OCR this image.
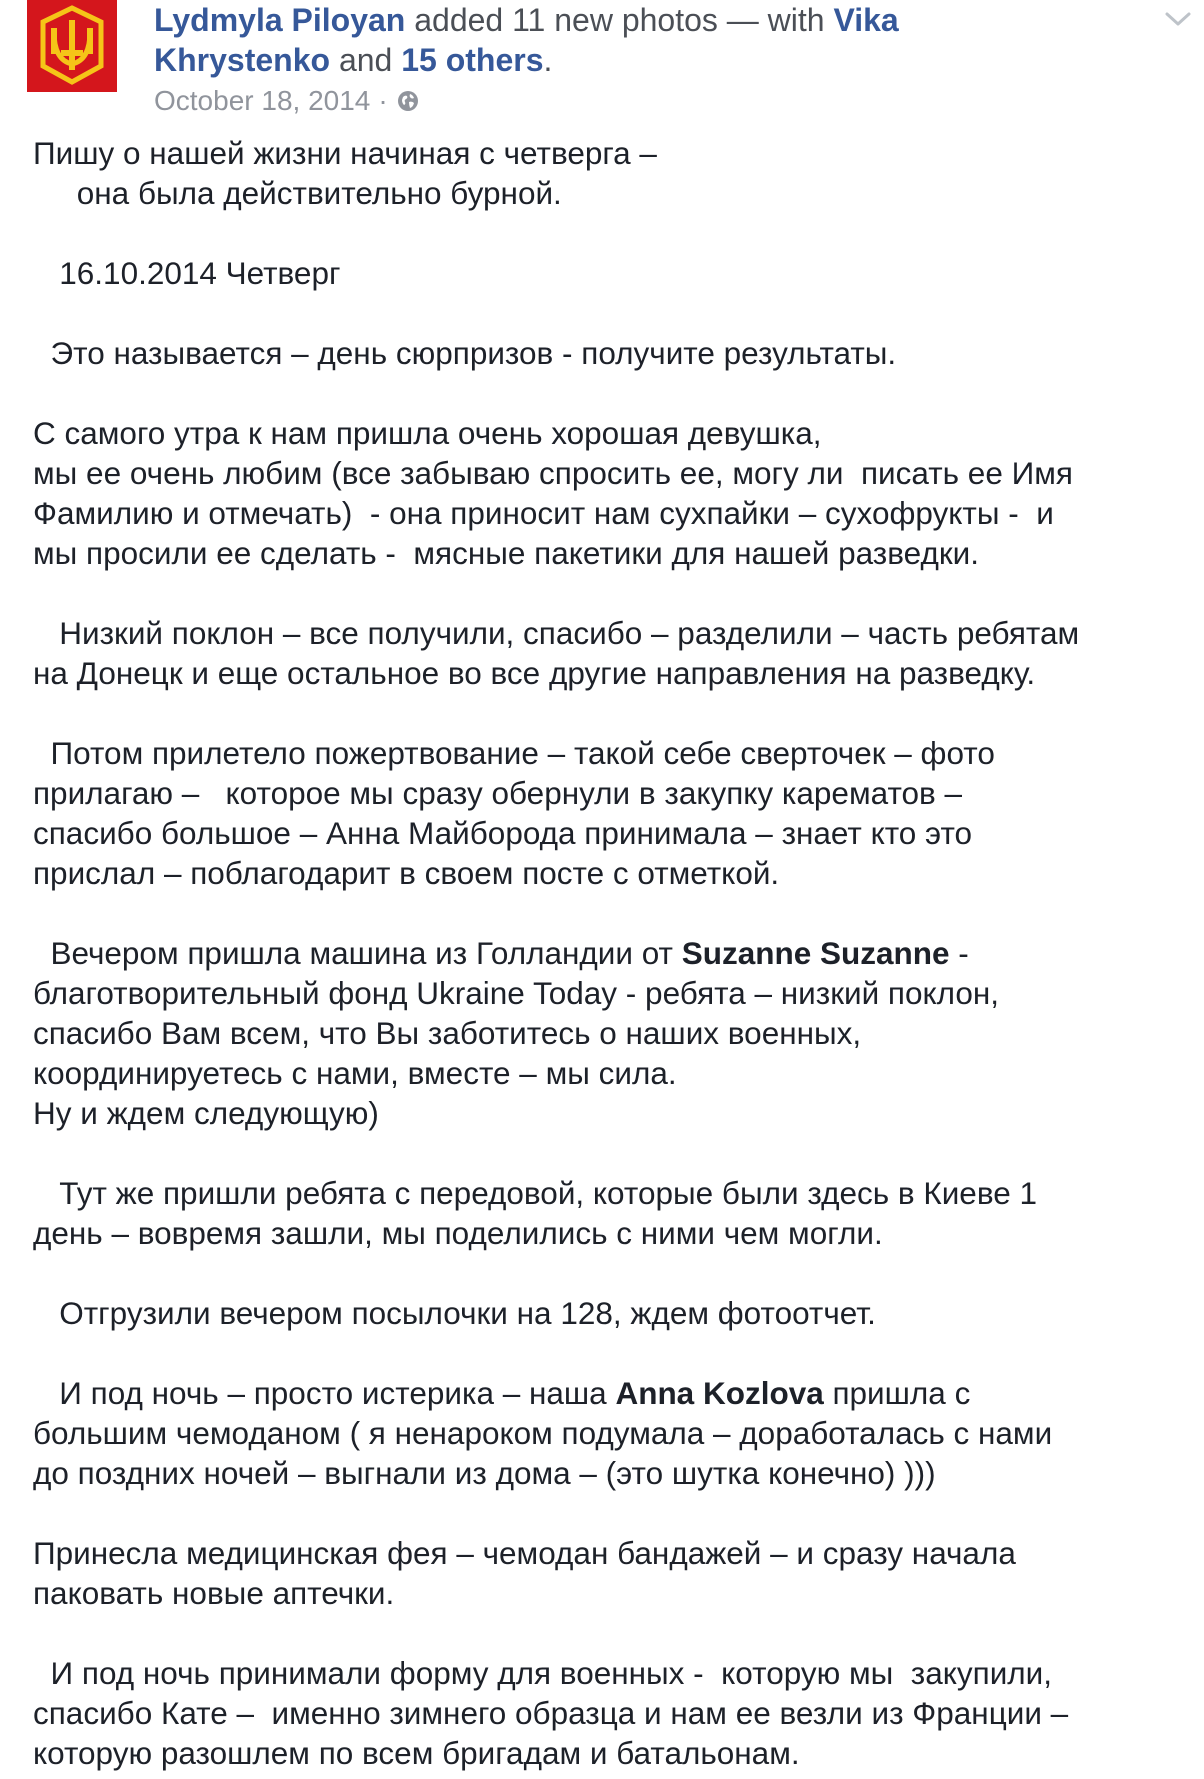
Lydmyla Piloyan added 11 new photos — with Vika
Khrystenko and 15 others.
October 18, 2014 ·
Пишу о нашей жизни начиная с четверга –
она была действительно бурной.
16.10.2014 Четверг
Это называется – день сюрпризов - получите результаты.
С самого утра к нам пришла очень хорошая девушка,
мы ее очень любим (все забываю спросить ее, могу ли  писать ее Имя
Фамилию и отмечать)  - она приносит нам сухпайки – сухофрукты -  и
мы просили ее сделать -  мясные пакетики для нашей разведки.
Низкий поклон – все получили, спасибо – разделили – часть ребятам
на Донецк и еще остальное во все другие направления на разведку.
Потом прилетело пожертвование – такой себе сверточек – фото
прилагаю –   которое мы сразу обернули в закупку карематов –
спасибо большое – Анна Майборода принимала – знает кто это
прислал – поблагодарит в своем посте с отметкой.
Вечером пришла машина из Голландии от Suzanne Suzanne -
благотворительный фонд Ukraine Today - ребята – низкий поклон,
спасибо Вам всем, что Вы заботитесь о наших военных,
координируетесь с нами, вместе – мы сила.
Ну и ждем следующую)
Тут же пришли ребята с передовой, которые были здесь в Киеве 1
день – вовремя зашли, мы поделились с ними чем могли.
Отгрузили вечером посылочки на 128, ждем фотоотчет.
И под ночь – просто истерика – наша Anna Kozlova пришла с
большим чемоданом ( я ненароком подумала – доработалась с нами
до поздних ночей – выгнали из дома – (это шутка конечно) )))
Принесла медицинская фея – чемодан бандажей – и сразу начала
паковать новые аптечки.
И под ночь принимали форму для военных -  которую мы  закупили,
спасибо Кате –  именно зимнего образца и нам ее везли из Франции –
которую разошлем по всем бригадам и батальонам.
